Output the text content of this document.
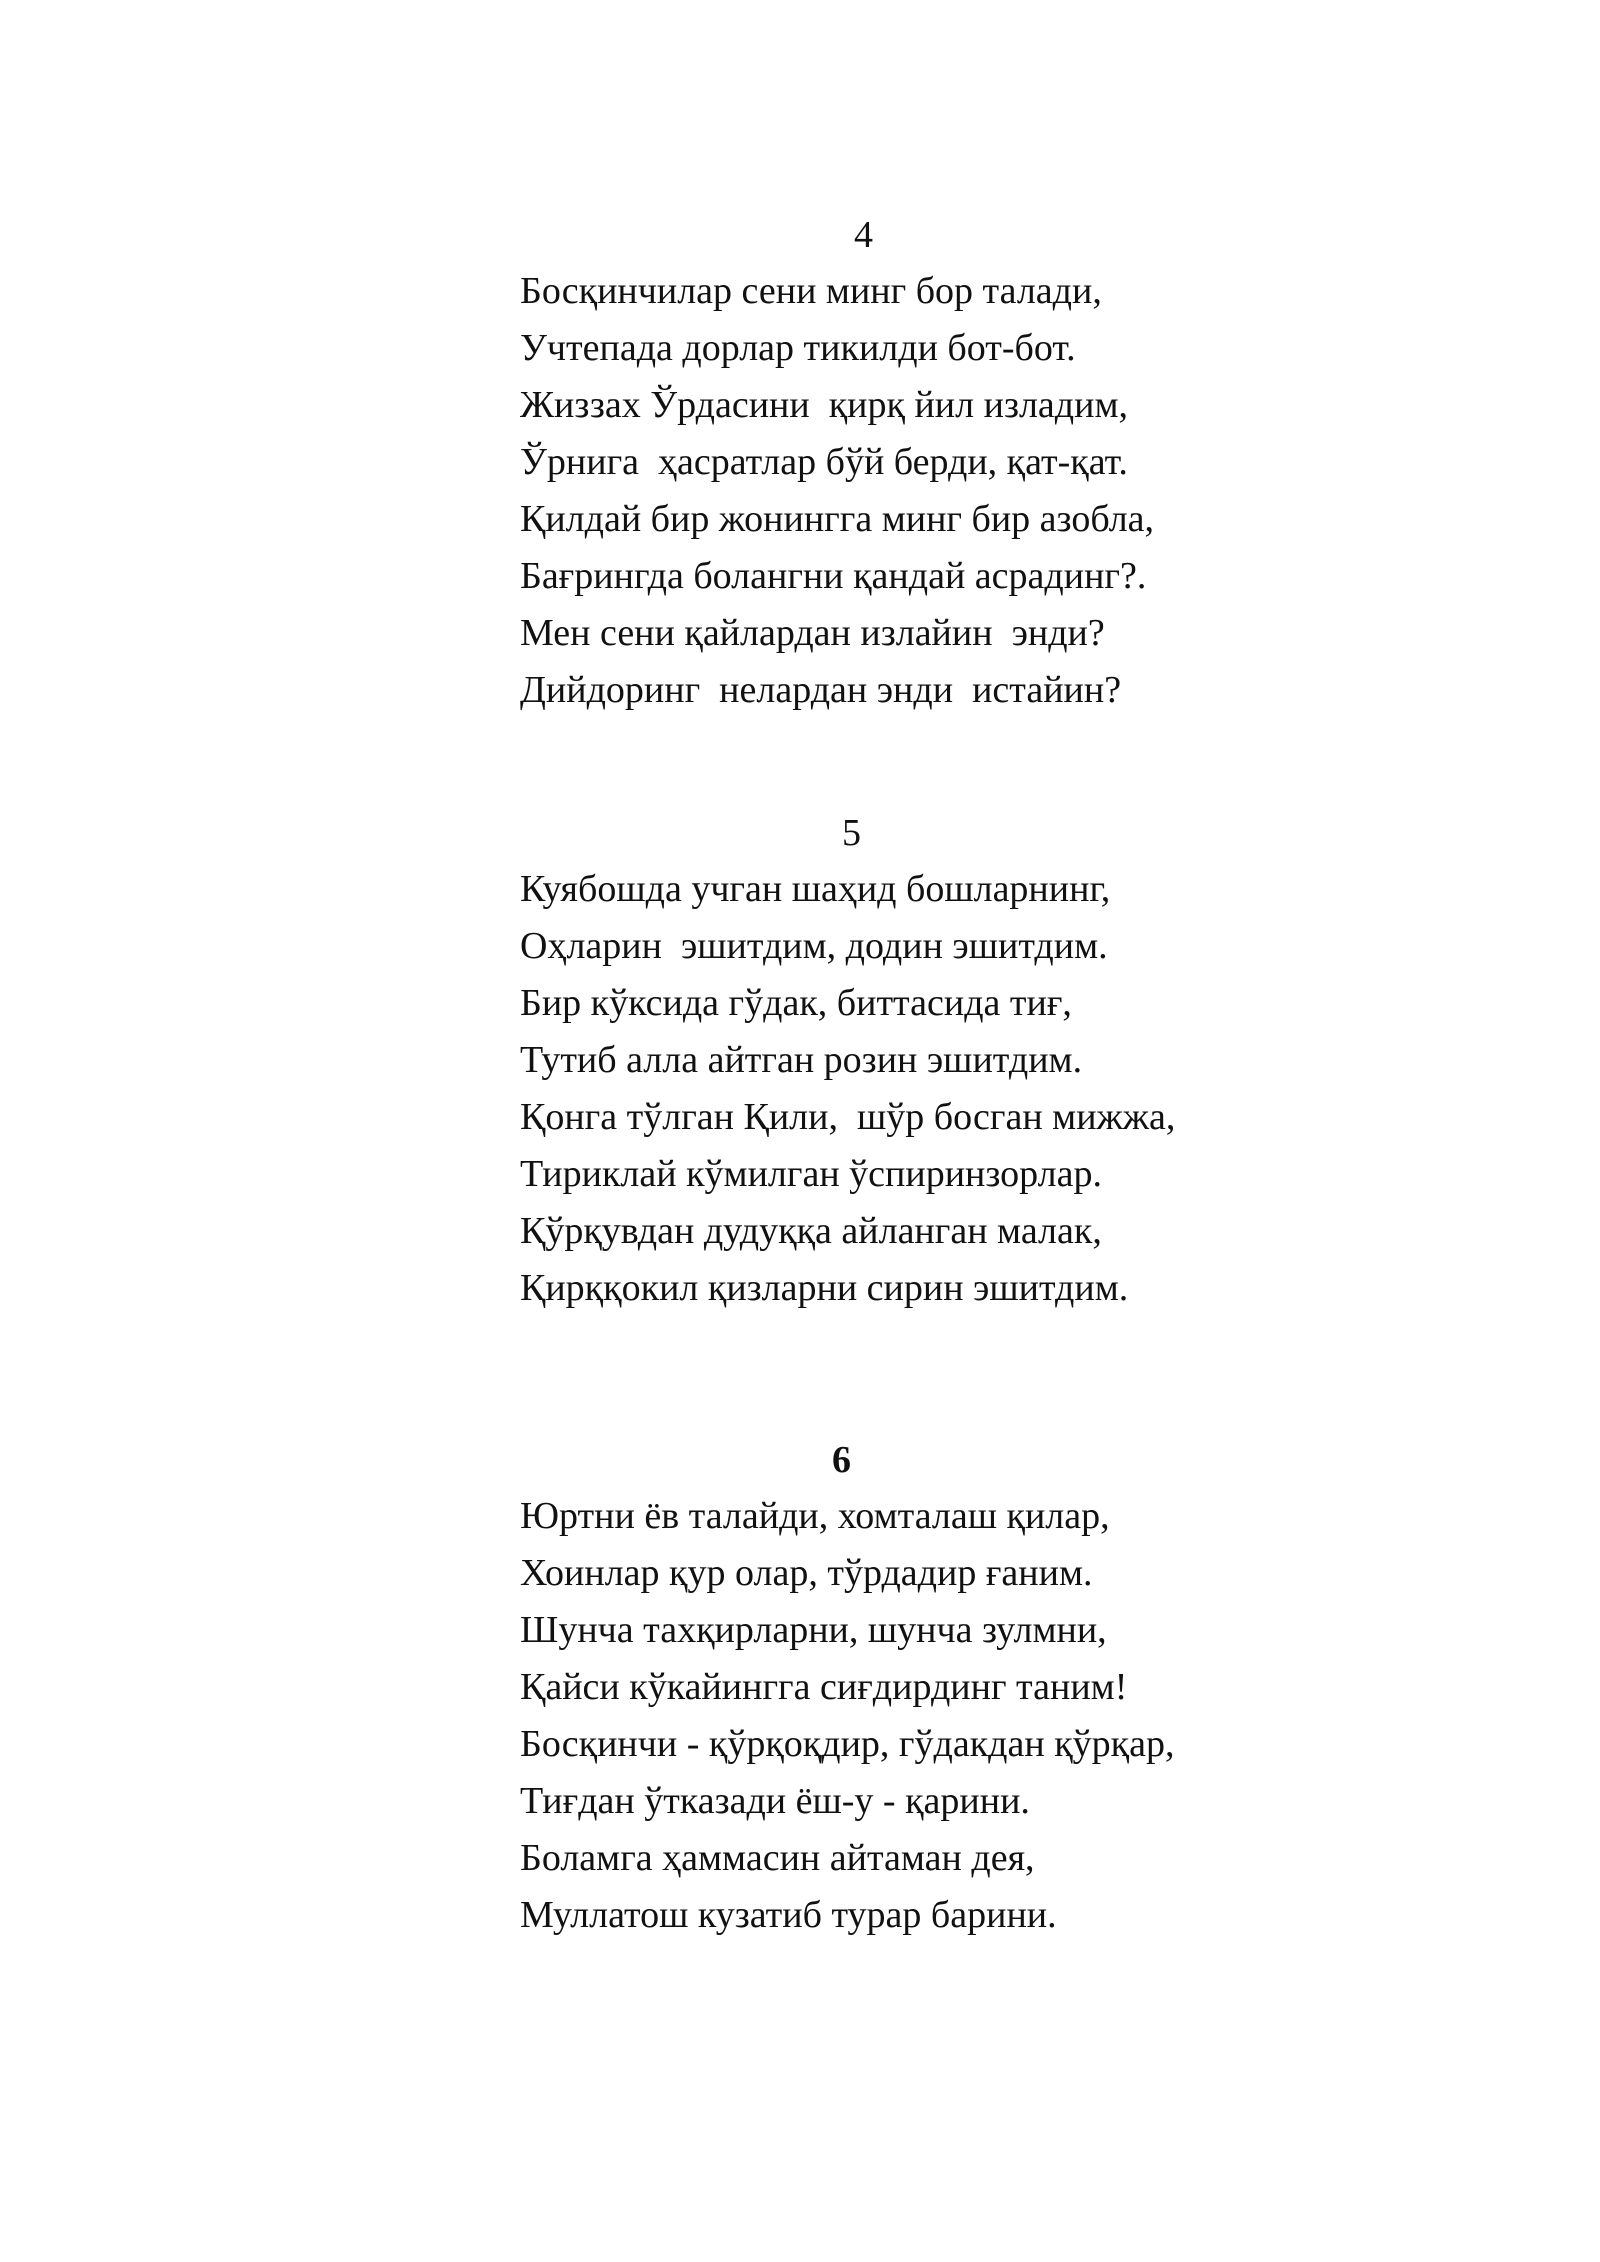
4
Босқинчилар сени минг бор талади,
Учтепада дорлар тикилди бот-бот.
Жиззах Ўрдасини  қирқ йил изладим,
Ўрнига  ҳасратлар бўй берди, қат-қат.
Қилдай бир жонингга минг бир азобла,
Бағрингда болангни қандай асрадинг?.
Мен сени қайлардан излайин  энди?
Дийдоринг  нелардан энди  истайин?
5
Куябошда учган шаҳид бошларнинг,
Оҳларин  эшитдим, додин эшитдим.
Бир кўксида гўдак, биттасида тиғ,
Тутиб алла айтган розин эшитдим.
Қонга тўлган Қили,  шўр босган мижжа,
Тириклай кўмилган ўспиринзорлар.
Қўрқувдан дудуққа айланган малак,
Қирққокил қизларни сирин эшитдим.
6
Юртни ёв талайди, хомталаш қилар,
Хоинлар қур олар, тўрдадир ғаним.
Шунча тахқирларни, шунча зулмни,
Қайси кўкайингга сиғдирдинг таним!
Босқинчи - қўрқоқдир, гўдакдан қўрқар,
Тиғдан ўтказади ёш-у - қарини.
Боламга ҳаммасин айтаман дея,
Муллатош кузатиб турар барини.
